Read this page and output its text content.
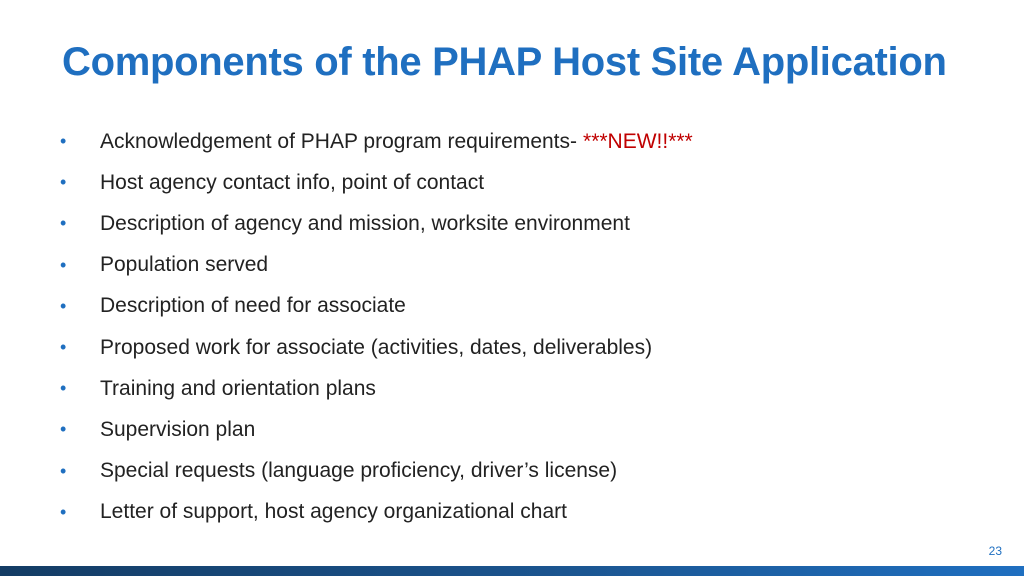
Components of the PHAP Host Site Application
•	Acknowledgement of PHAP program requirements- ***NEW!!***
•	Host agency contact info, point of contact
•	Description of agency and mission, worksite environment
•	Population served
•	Description of need for associate
•	Proposed work for associate (activities, dates, deliverables)
•	Training and orientation plans
•	Supervision plan
•	Special requests (language proficiency, driver’s license)
•	Letter of support, host agency organizational chart
23
